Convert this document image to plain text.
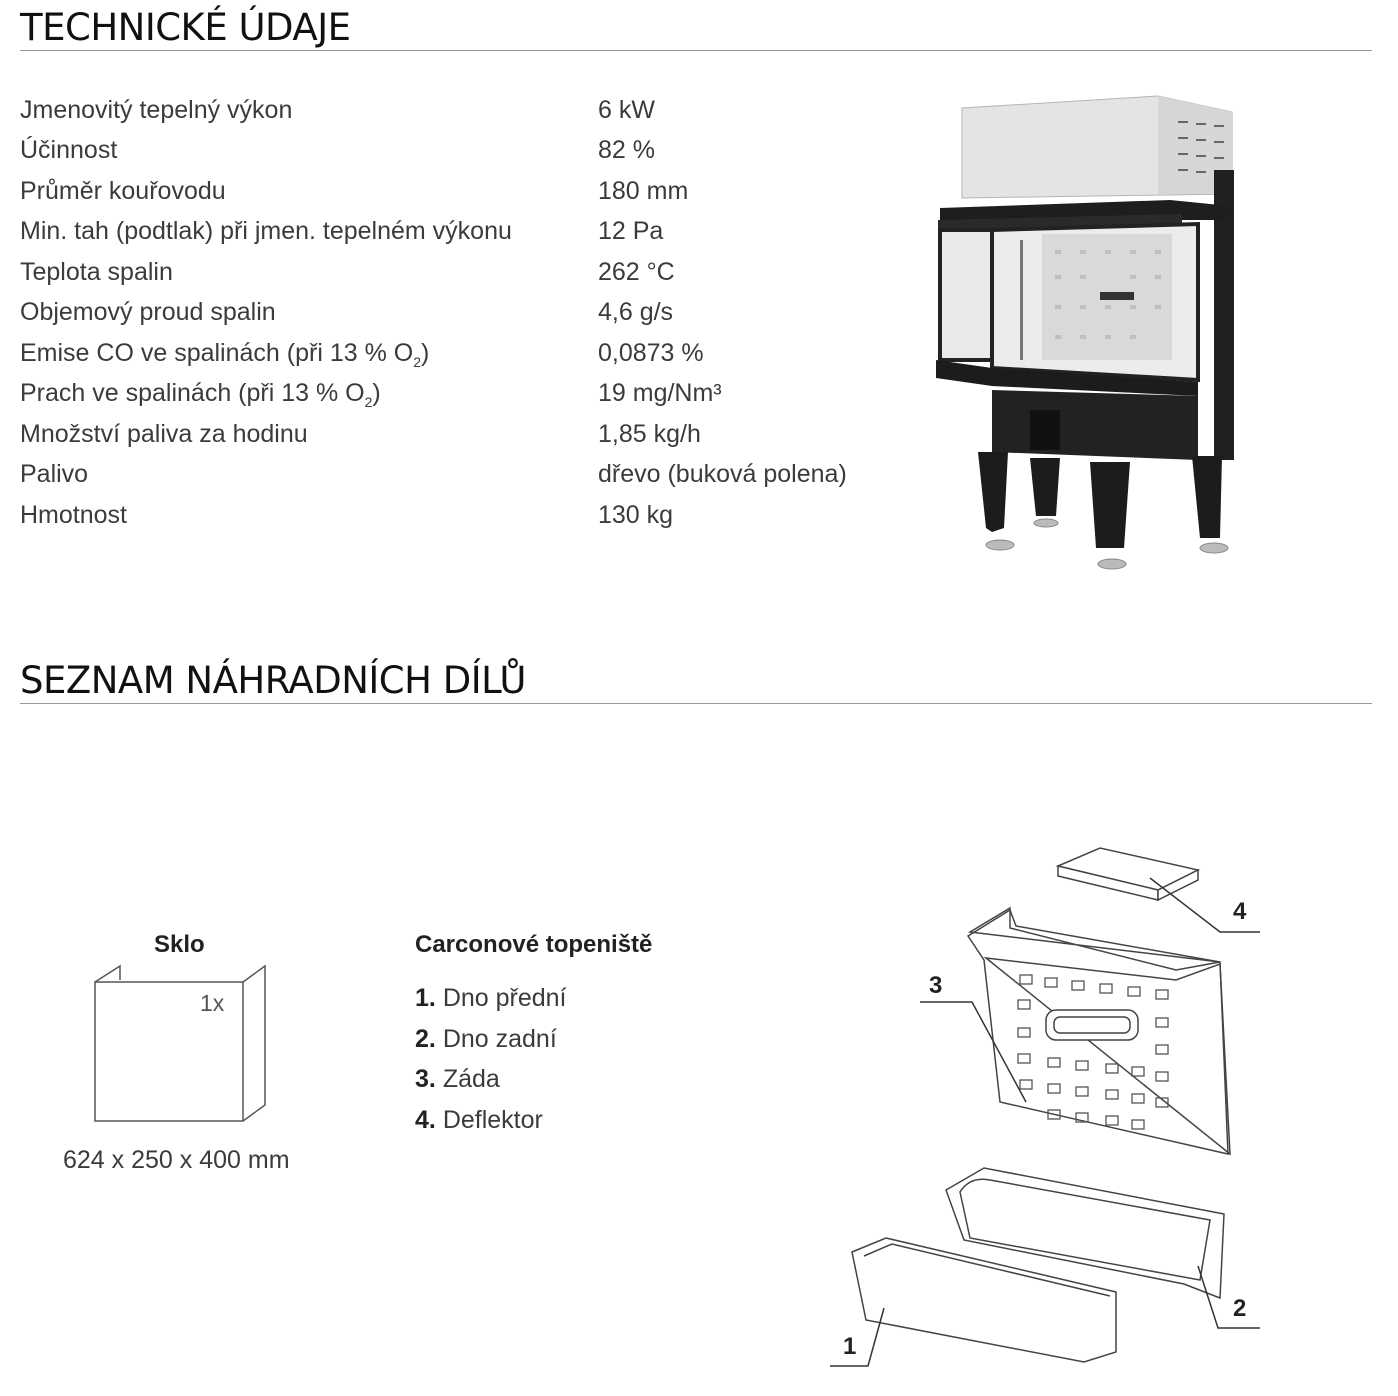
TECHNICKÉ ÚDAJE
Jmenovitý tepelný výkon	6 kW
Účinnost	82 %
Průměr kouřovodu	180 mm
Min. tah (podtlak) při jmen. tepelném výkonu	12 Pa
Teplota spalin	262 °C
Objemový proud spalin	4,6 g/s
Emise CO ve spalinách (při 13 % $O_2$)	0,0873 %
Prach ve spalinách (při 13 % $O_2$)	19 mg/Nm³
Množství paliva za hodinu	1,85 kg/h
Palivo	dřevo (buková polena)
Hmotnost	130 kg
SEZNAM NÁHRADNÍCH DÍLŮ
Sklo
1x
624 x 250 x 400 mm
Carconové topeniště
1. Dno přední
2. Dno zadní
3. Záda
4. Deflektor
4
3
2
1
